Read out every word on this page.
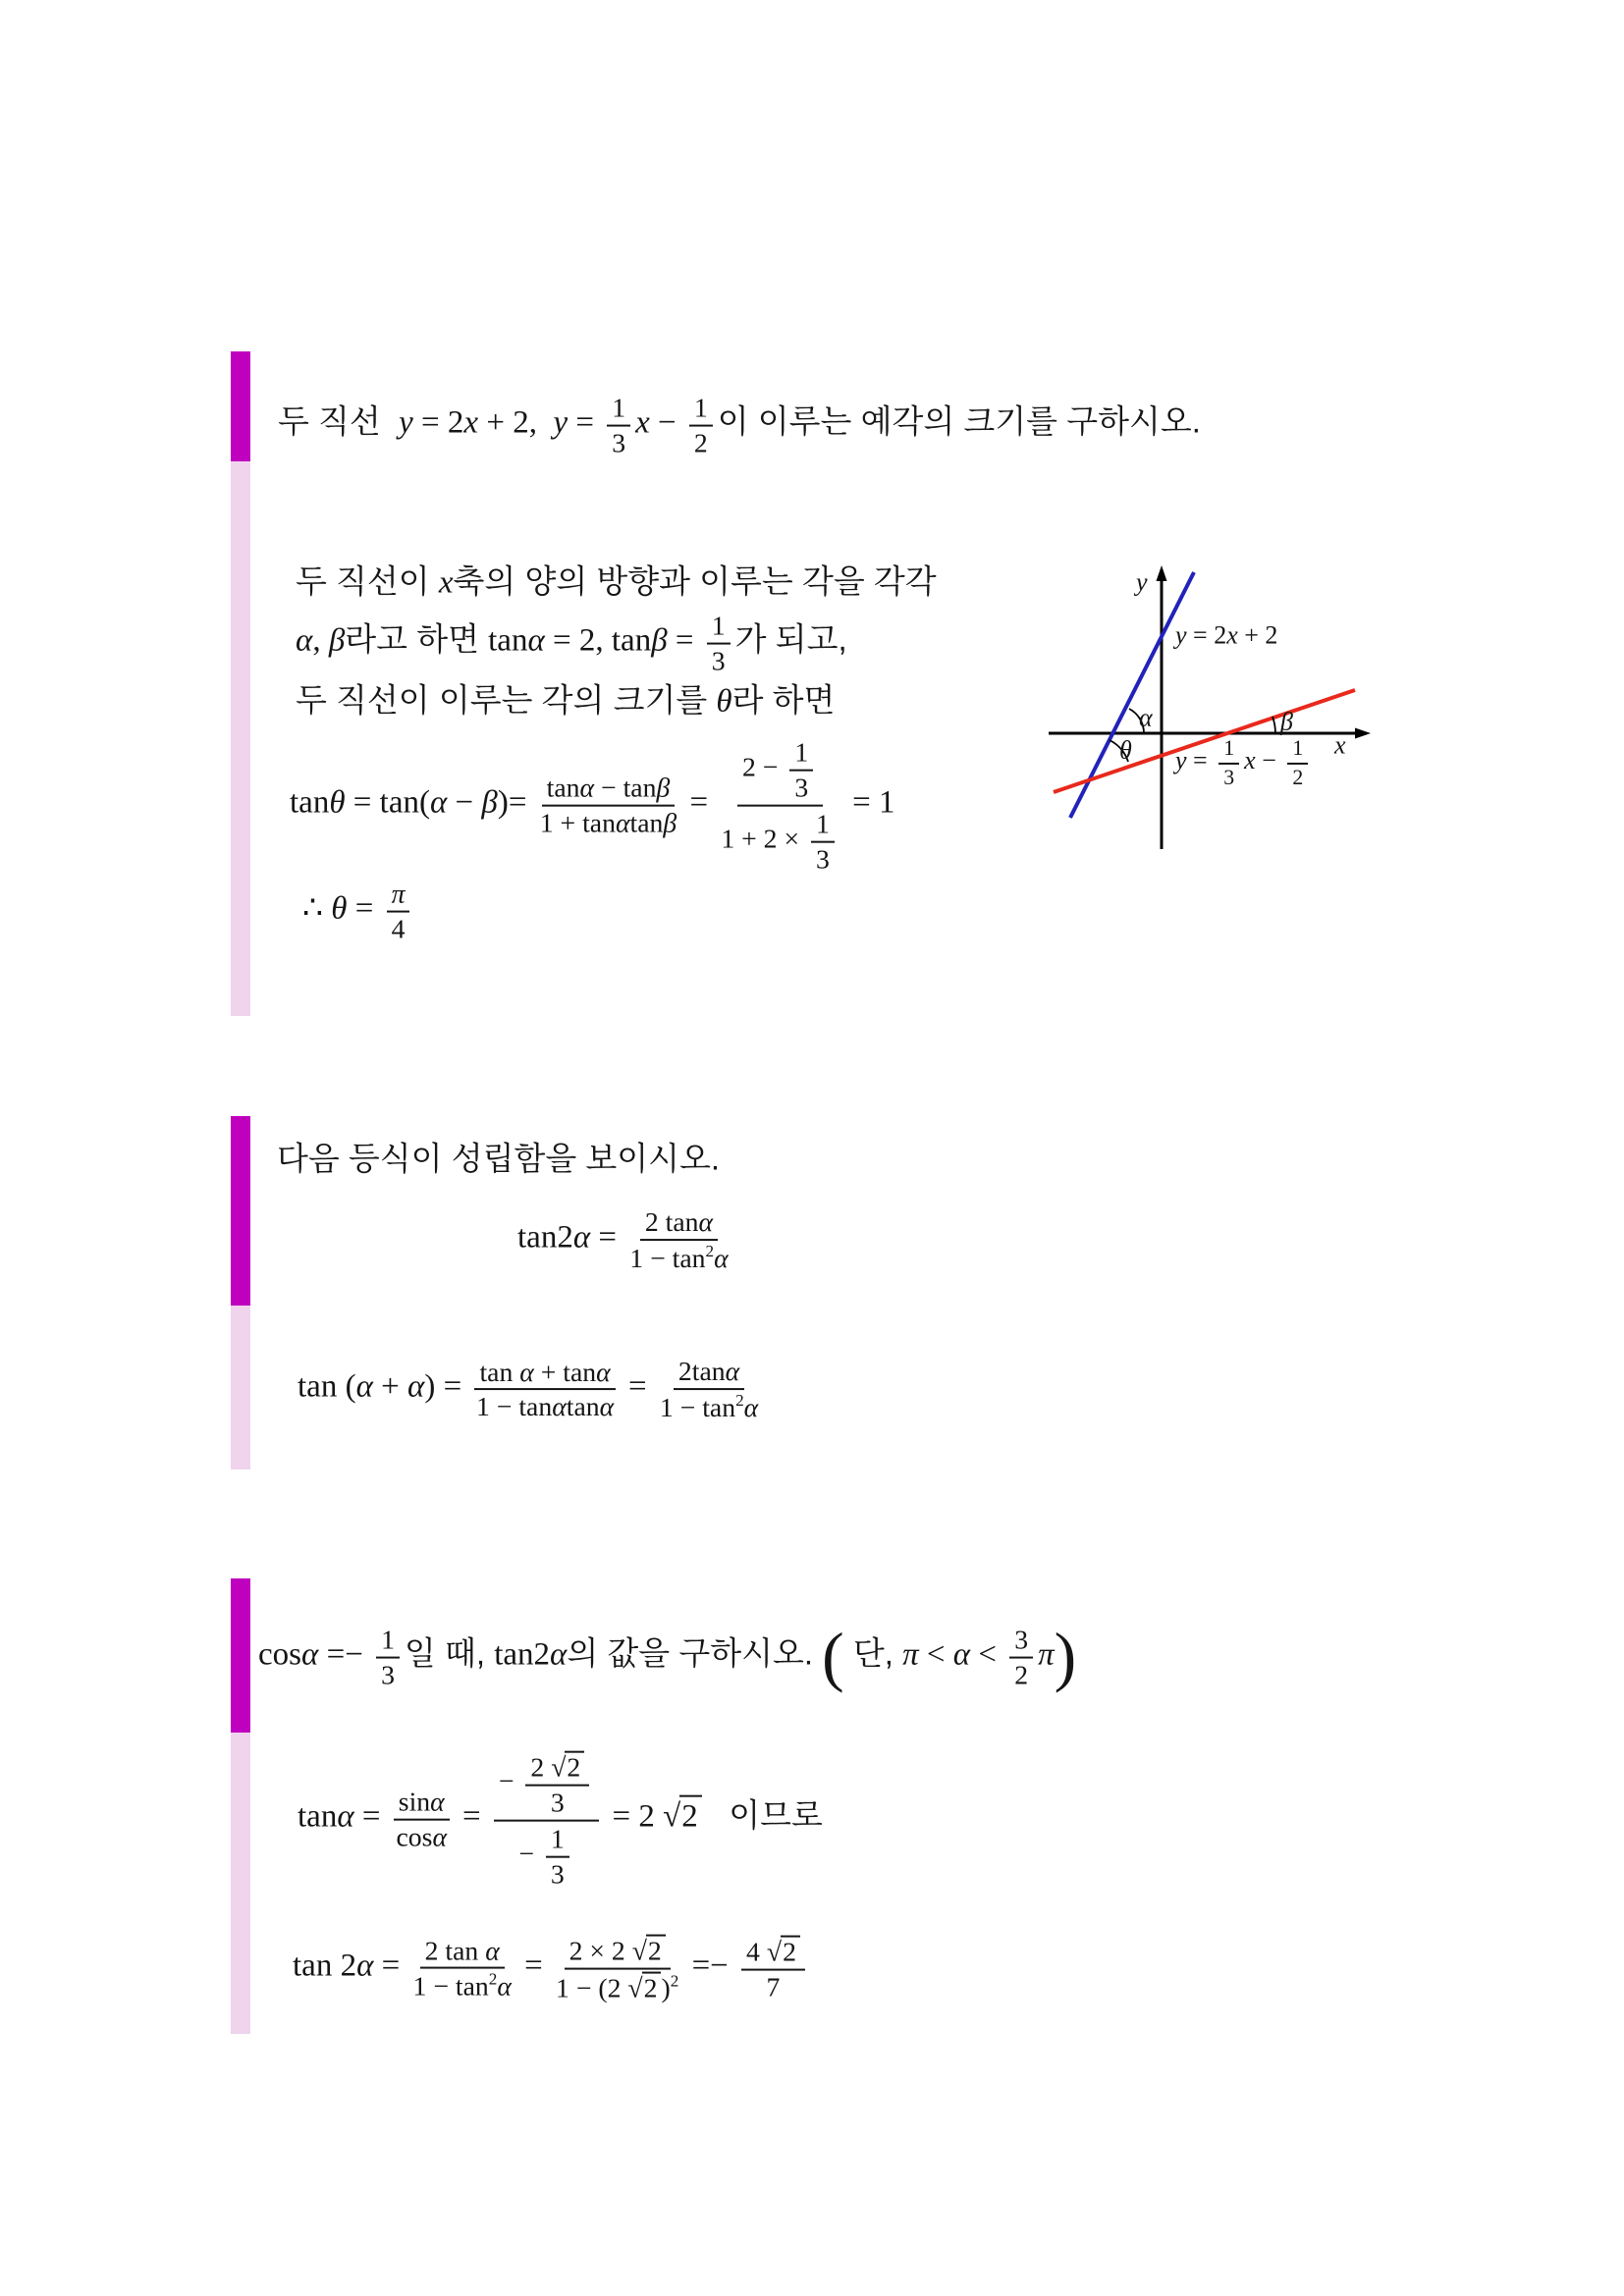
두 직선  y = 2x + 2,  $y = \frac{1}{3}$ $x - \frac{1}{2}$ 이 이루는 예각의 크기를 구하시오.
두 직선이 x축의 양의 방향과 이루는 각을 각각
α, β라고 하면 tanα = 2, $\tan\beta = \frac{1}{3}$ 가 되고,
두 직선이 이루는 각의 크기를 θ라 하면
$\tan\theta = \tan(\alpha - \beta)= \frac{\tan\alpha - \tan\beta}{1 + \tan\alpha\tan\beta} = \frac{2 - \frac{1}{3}}{1 + 2 \times \frac{1}{3}} = 1$
∴ $\theta = \frac{\pi}{4}$
y
x
y = 2x + 2
$y = \frac{1}{3}$ $x - \frac{1}{2}$
α	β
θ
다음 등식이 성립함을 보이시오.
$\tan 2\alpha = \frac{2 \tan\alpha}{1 - \tan^2\alpha}$
$\tan (\alpha + \alpha) = \frac{\text{tan α + tanα}}{1 - \tan\alpha\tan\alpha} = \frac{2\tan\alpha}{1 - \tan^2\alpha}$
$\cos\alpha =- \frac{1}{3}$ 일 때, tan2α의 값을 구하시오. ( 단, $\pi < \alpha < \frac{3}{2} \pi$)
$\tan\alpha = \frac{\sin\alpha}{\cos\alpha} = \frac{- \frac{2 √2}{3}}{- \frac{1}{3}} = 2$ √2   이므로
$\tan 2\alpha = \frac{\text{2 tan α}}{1 - \tan^2\alpha} = \frac{2 \times 2 √2}{1 - (2 √2 )^2} =- \frac{4 √2}{7}$
